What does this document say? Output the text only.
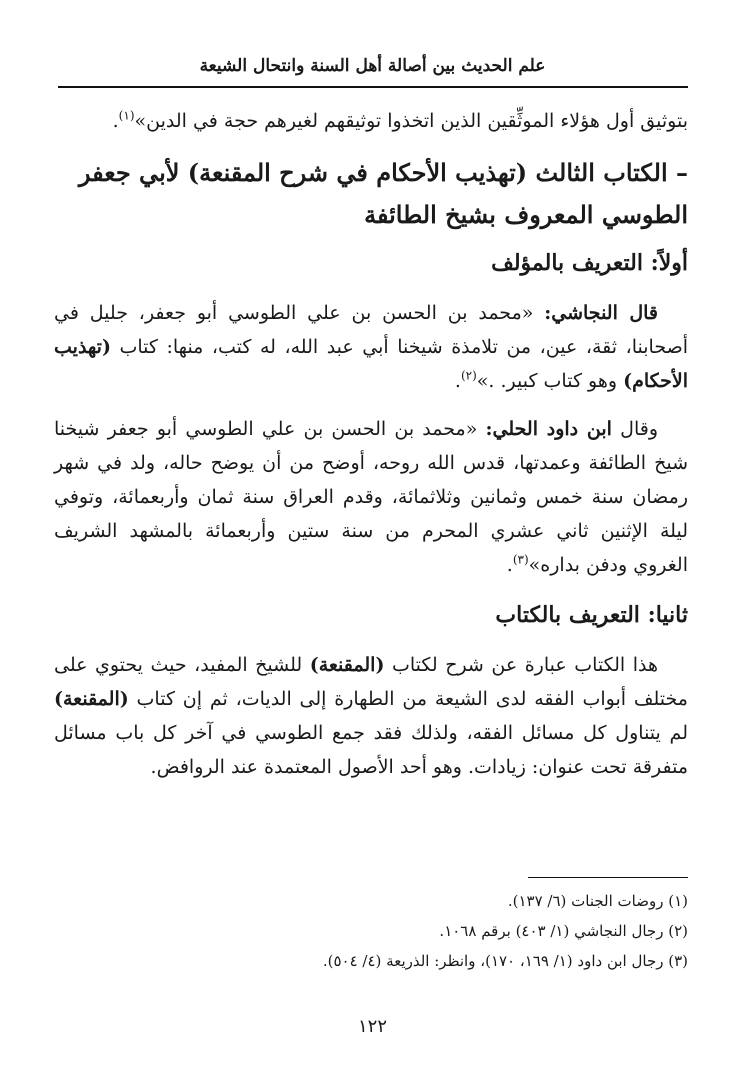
علم الحديث بين أصالة أهل السنة وانتحال الشيعة

بتوثيق أول هؤلاء الموثِّقين الذين اتخذوا توثيقهم لغيرهم حجة في الدين»$^{(١)}$.

– الكتاب الثالث (تهذيب الأحكام في شرح المقنعة) لأبي جعفر
الطوسي المعروف بشيخ الطائفة
أولاً: التعريف بالمؤلف
قال النجاشي: «محمد بن الحسن بن علي الطوسي أبو جعفر، جليل في أصحابنا، ثقة، عين، من تلامذة شيخنا أبي عبد الله، له كتب، منها: كتاب (تهذيب الأحكام) وهو كتاب كبير. .»$^{(٢)}$.
وقال ابن داود الحلي: «محمد بن الحسن بن علي الطوسي أبو جعفر شيخنا شيخ الطائفة وعمدتها، قدس الله روحه، أوضح من أن يوضح حاله، ولد في شهر رمضان سنة خمس وثمانين وثلاثمائة، وقدم العراق سنة ثمان وأربعمائة، وتوفي ليلة الإثنين ثاني عشري المحرم من سنة ستين وأربعمائة بالمشهد الشريف الغروي ودفن بداره»$^{(٣)}$.
ثانيا: التعريف بالكتاب
هذا الكتاب عبارة عن شرح لكتاب (المقنعة) للشيخ المفيد، حيث يحتوي على مختلف أبواب الفقه لدى الشيعة من الطهارة إلى الديات، ثم إن كتاب (المقنعة) لم يتناول كل مسائل الفقه، ولذلك فقد جمع الطوسي في آخر كل باب مسائل متفرقة تحت عنوان: زيادات. وهو أحد الأصول المعتمدة عند الروافض.
(١) روضات الجنات (٦/ ١٣٧).
(٢) رجال النجاشي (١/ ٤٠٣) برقم ١٠٦٨.
(٣) رجال ابن داود (١/ ١٦٩، ١٧٠)، وانظر: الذريعة (٤/ ٥٠٤).
١٢٢
